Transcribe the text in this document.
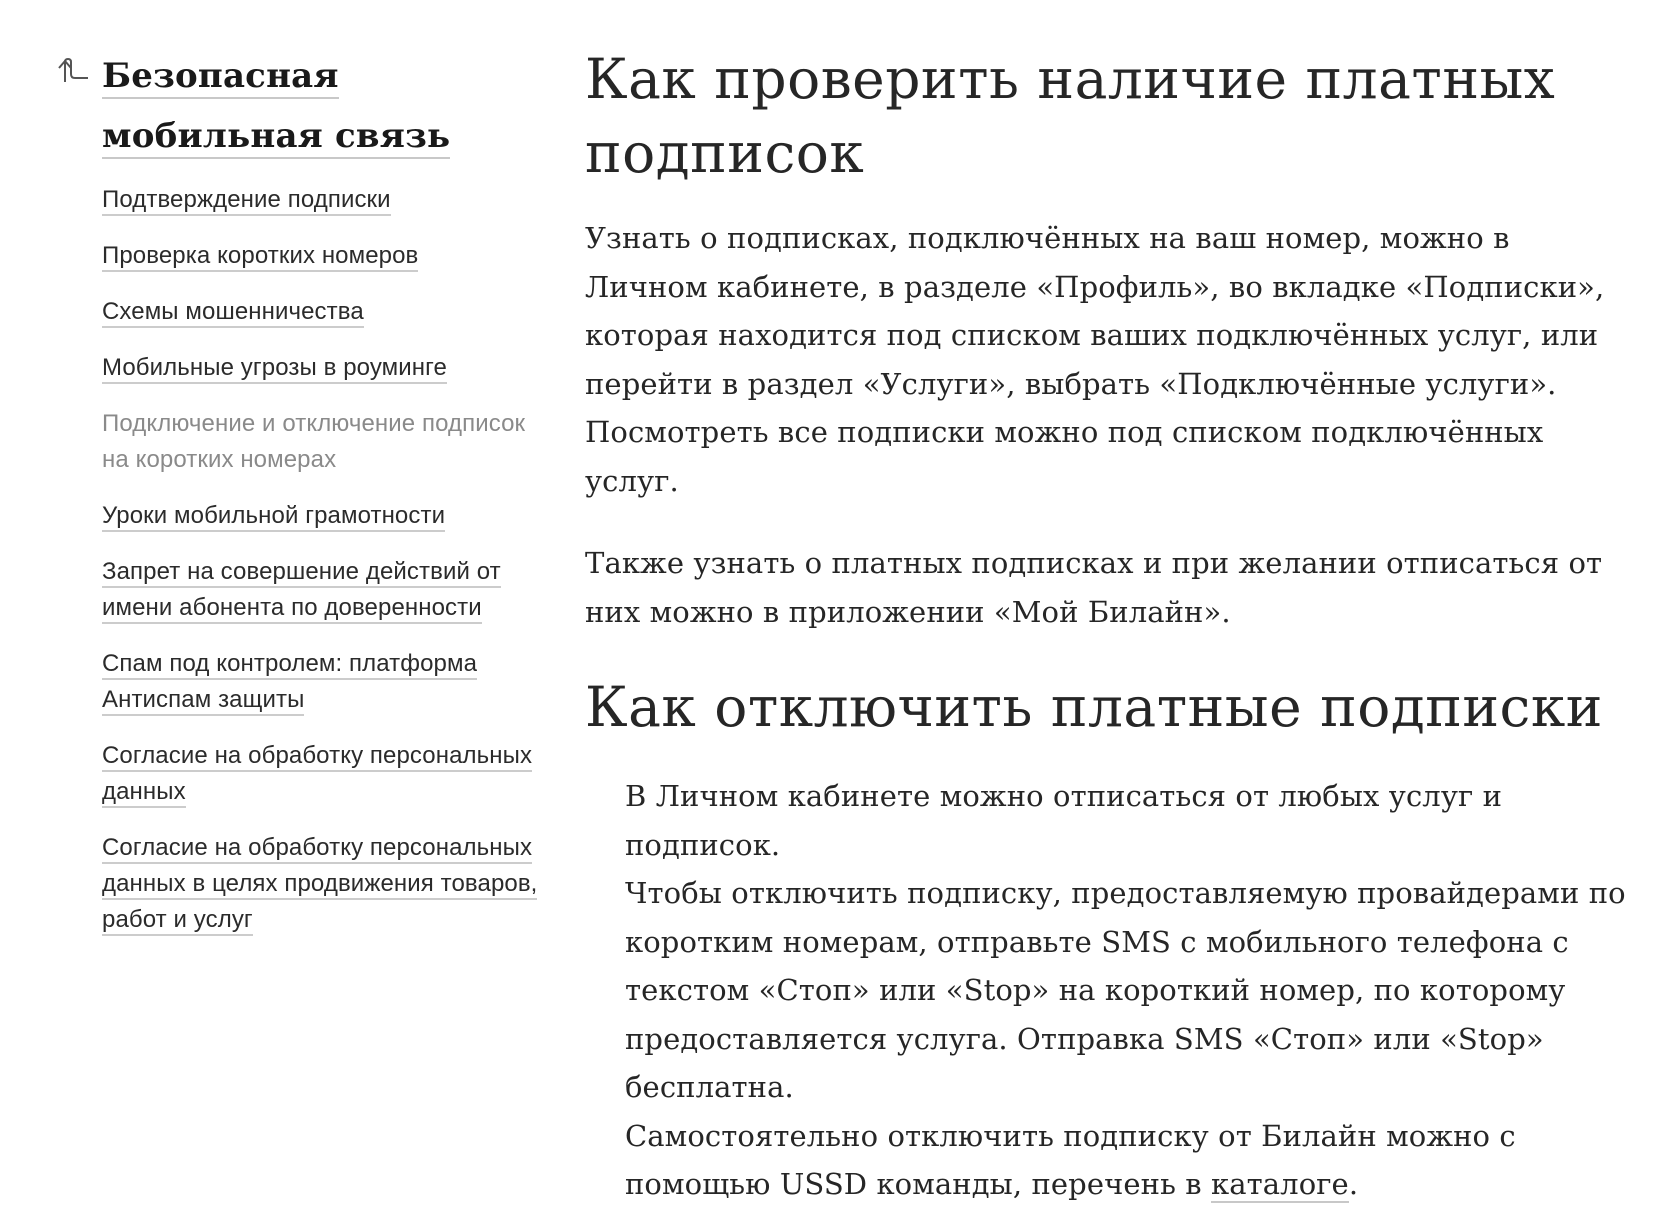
Безопасная мобильная связь
Подтверждение подписки
Проверка коротких номеров
Схемы мошенничества
Мобильные угрозы в роуминге
Подключение и отключение подписок на коротких номерах
Уроки мобильной грамотности
Запрет на совершение действий от имени абонента по доверенности
Спам под контролем: платформа Антиспам защиты
Согласие на обработку персональных данных
Согласие на обработку персональных данных в целях продвижения товаров, работ и услуг
Как проверить наличие платных подписок

Узнать о подписках, подключённых на ваш номер, можно в Личном кабинете, в разделе «Профиль», во вкладке «Подписки», которая находится под списком ваших подключённых услуг, или перейти в раздел «Услуги», выбрать «Подключённые услуги». Посмотреть все подписки можно под списком подключённых услуг.

Также узнать о платных подписках и при желании отписаться от них можно в приложении «Мой Билайн».

Как отключить платные подписки

В Личном кабинете можно отписаться от любых услуг и подписок.

Чтобы отключить подписку, предоставляемую провайдерами по коротким номерам, отправьте SMS с мобильного телефона с текстом «Стоп» или «Stop» на короткий номер, по которому предоставляется услуга. Отправка SMS «Стоп» или «Stop» бесплатна.

Самостоятельно отключить подписку от Билайн можно с помощью USSD команды, перечень в каталоге.
